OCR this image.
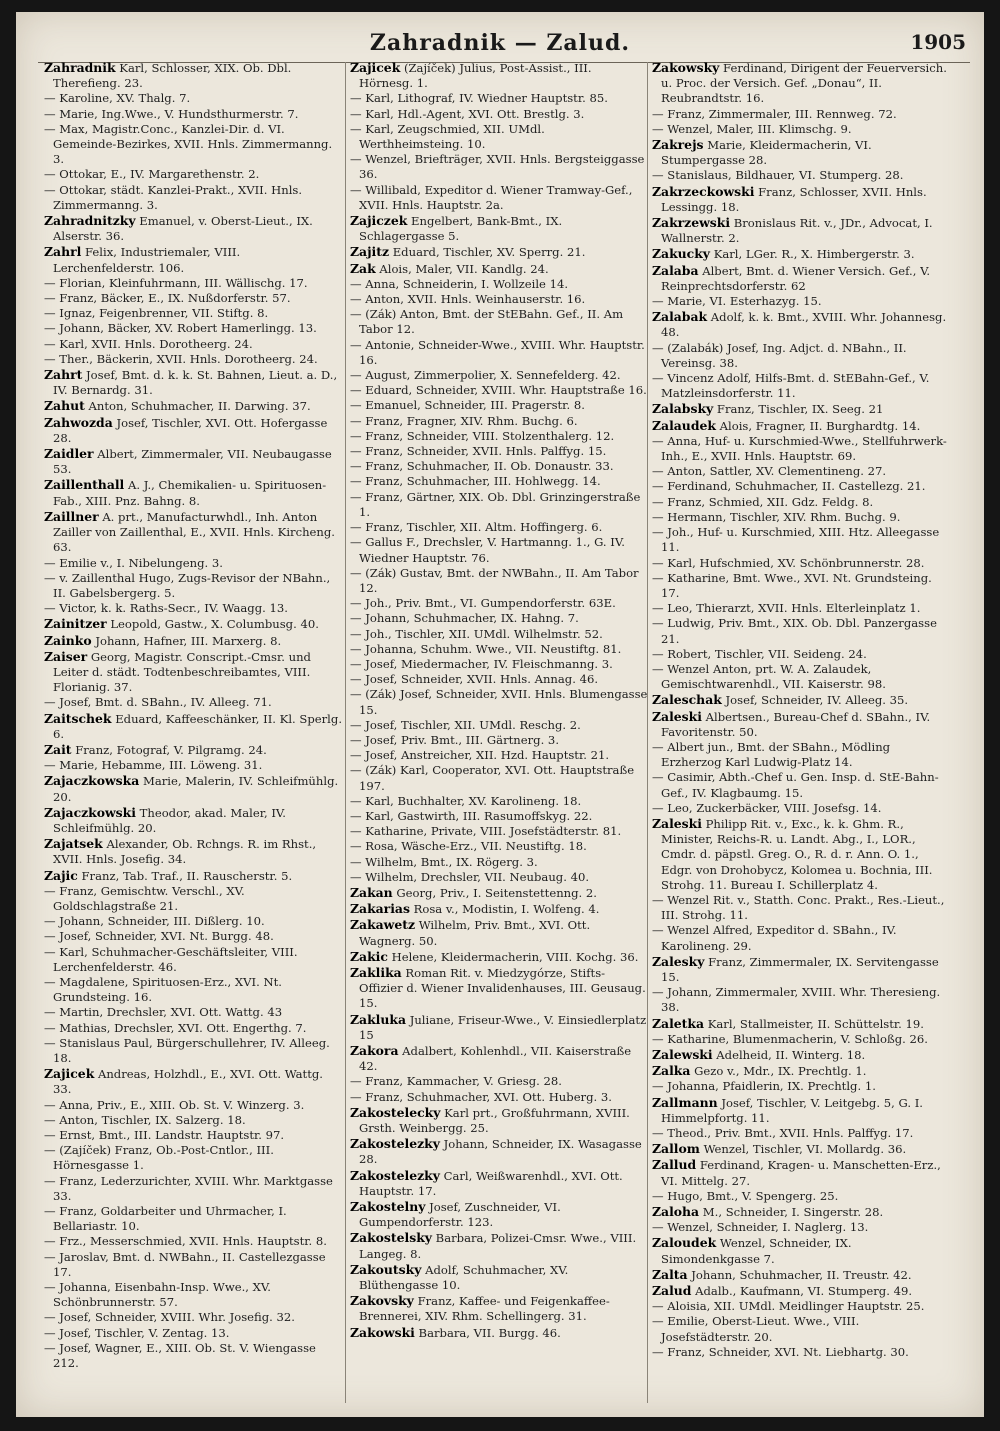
Zahradnik — Zalud.	1905

Zahradnik Karl, Schlosser, XIX. Ob. Dbl. Therefieng. 23.

— Karoline, XV. Thalg. 7.

— Marie, Ing.Wwe., V. Hundsthurmerstr. 7.

— Max, Magistr.Conc., Kanzlei-Dir. d. VI. Gemeinde-Bezirkes, XVII. Hnls. Zimmermanng. 3.

— Ottokar, E., IV. Margarethenstr. 2.

— Ottokar, städt. Kanzlei-Prakt., XVII. Hnls. Zimmermanng. 3.

Zahradnitzky Emanuel, v. Oberst-Lieut., IX. Alserstr. 36.

Zahrl Felix, Industriemaler, VIII. Lerchenfelderstr. 106.

— Florian, Kleinfuhrmann, III. Wällischg. 17.

— Franz, Bäcker, E., IX. Nußdorferstr. 57.

— Ignaz, Feigenbrenner, VII. Stiftg. 8.

— Johann, Bäcker, XV. Robert Hamerlingg. 13.

— Karl, XVII. Hnls. Dorotheerg. 24.

— Ther., Bäckerin, XVII. Hnls. Dorotheerg. 24.

Zahrt Josef, Bmt. d. k. k. St. Bahnen, Lieut. a. D., IV. Bernardg. 31.

Zahut Anton, Schuhmacher, II. Darwing. 37.

Zahwozda Josef, Tischler, XVI. Ott. Hofergasse 28.

Zaidler Albert, Zimmermaler, VII. Neubaugasse 53.

Zaillenthall A. J., Chemikalien- u. Spirituosen-Fab., XIII. Pnz. Bahng. 8.

Zaillner A. prt., Manufacturwhdl., Inh. Anton Zailler von Zaillenthal, E., XVII. Hnls. Kircheng. 63.

— Emilie v., I. Nibelungeng. 3.

— v. Zaillenthal Hugo, Zugs-Revisor der NBahn., II. Gabelsbergerg. 5.

— Victor, k. k. Raths-Secr., IV. Waagg. 13.

Zainitzer Leopold, Gastw., X. Columbusg. 40.

Zainko Johann, Hafner, III. Marxerg. 8.

Zaiser Georg, Magistr. Conscript.-Cmsr. und Leiter d. städt. Todtenbeschreibamtes, VIII. Florianig. 37.

— Josef, Bmt. d. SBahn., IV. Alleeg. 71.

Zaitschek Eduard, Kaffeeschänker, II. Kl. Sperlg. 6.

Zait Franz, Fotograf, V. Pilgramg. 24.

— Marie, Hebamme, III. Löweng. 31.

Zajaczkowska Marie, Malerin, IV. Schleifmühlg. 20.

Zajaczkowski Theodor, akad. Maler, IV. Schleifmühlg. 20.

Zajatsek Alexander, Ob. Rchngs. R. im Rhst., XVII. Hnls. Josefig. 34.

Zajic Franz, Tab. Traf., II. Rauscherstr. 5.

— Franz, Gemischtw. Verschl., XV. Goldschlagstraße 21.

— Johann, Schneider, III. Dißlerg. 10.

— Josef, Schneider, XVI. Nt. Burgg. 48.

— Karl, Schuhmacher-Geschäftsleiter, VIII. Lerchenfelderstr. 46.

— Magdalene, Spirituosen-Erz., XVI. Nt. Grundsteing. 16.

— Martin, Drechsler, XVI. Ott. Wattg. 43

— Mathias, Drechsler, XVI. Ott. Engerthg. 7.

— Stanislaus Paul, Bürgerschullehrer, IV. Alleeg. 18.

Zajicek Andreas, Holzhdl., E., XVI. Ott. Wattg. 33.

— Anna, Priv., E., XIII. Ob. St. V. Winzerg. 3.

— Anton, Tischler, IX. Salzerg. 18.

— Ernst, Bmt., III. Landstr. Hauptstr. 97.

— (Zajíček) Franz, Ob.-Post-Cntlor., III. Hörnesgasse 1.

— Franz, Lederzurichter, XVIII. Whr. Marktgasse 33.

— Franz, Goldarbeiter und Uhrmacher, I. Bellariastr. 10.

— Frz., Messerschmied, XVII. Hnls. Hauptstr. 8.

— Jaroslav, Bmt. d. NWBahn., II. Castellezgasse 17.

— Johanna, Eisenbahn-Insp. Wwe., XV. Schönbrunnerstr. 57.

— Josef, Schneider, XVIII. Whr. Josefig. 32.

— Josef, Tischler, V. Zentag. 13.

— Josef, Wagner, E., XIII. Ob. St. V. Wiengasse 212.

Zajicek (Zajíček) Julius, Post-Assist., III. Hörnesg. 1.

— Karl, Lithograf, IV. Wiedner Hauptstr. 85.

— Karl, Hdl.-Agent, XVI. Ott. Brestlg. 3.

— Karl, Zeugschmied, XII. UMdl. Werthheimsteing. 10.

— Wenzel, Briefträger, XVII. Hnls. Bergsteiggasse 36.

— Willibald, Expeditor d. Wiener Tramway-Gef., XVII. Hnls. Hauptstr. 2a.

Zajiczek Engelbert, Bank-Bmt., IX. Schlagergasse 5.

Zajitz Eduard, Tischler, XV. Sperrg. 21.

Zak Alois, Maler, VII. Kandlg. 24.

— Anna, Schneiderin, I. Wollzeile 14.

— Anton, XVII. Hnls. Weinhauserstr. 16.

— (Zák) Anton, Bmt. der StEBahn. Gef., II. Am Tabor 12.

— Antonie, Schneider-Wwe., XVIII. Whr. Hauptstr. 16.

— August, Zimmerpolier, X. Sennefelderg. 42.

— Eduard, Schneider, XVIII. Whr. Hauptstraße 16.

— Emanuel, Schneider, III. Pragerstr. 8.

— Franz, Fragner, XIV. Rhm. Buchg. 6.

— Franz, Schneider, VIII. Stolzenthalerg. 12.

— Franz, Schneider, XVII. Hnls. Palffyg. 15.

— Franz, Schuhmacher, II. Ob. Donaustr. 33.

— Franz, Schuhmacher, III. Hohlwegg. 14.

— Franz, Gärtner, XIX. Ob. Dbl. Grinzingerstraße 1.

— Franz, Tischler, XII. Altm. Hoffingerg. 6.

— Gallus F., Drechsler, V. Hartmanng. 1., G. IV. Wiedner Hauptstr. 76.

— (Zák) Gustav, Bmt. der NWBahn., II. Am Tabor 12.

— Joh., Priv. Bmt., VI. Gumpendorferstr. 63E.

— Johann, Schuhmacher, IX. Hahng. 7.

— Joh., Tischler, XII. UMdl. Wilhelmstr. 52.

— Johanna, Schuhm. Wwe., VII. Neustiftg. 81.

— Josef, Miedermacher, IV. Fleischmanng. 3.

— Josef, Schneider, XVII. Hnls. Annag. 46.

— (Zák) Josef, Schneider, XVII. Hnls. Blumengasse 15.

— Josef, Tischler, XII. UMdl. Reschg. 2.

— Josef, Priv. Bmt., III. Gärtnerg. 3.

— Josef, Anstreicher, XII. Hzd. Hauptstr. 21.

— (Zák) Karl, Cooperator, XVI. Ott. Hauptstraße 197.

— Karl, Buchhalter, XV. Karolineng. 18.

— Karl, Gastwirth, III. Rasumoffskyg. 22.

— Katharine, Private, VIII. Josefstädterstr. 81.

— Rosa, Wäsche-Erz., VII. Neustiftg. 18.

— Wilhelm, Bmt., IX. Rögerg. 3.

— Wilhelm, Drechsler, VII. Neubaug. 40.

Zakan Georg, Priv., I. Seitenstettenng. 2.

Zakarias Rosa v., Modistin, I. Wolfeng. 4.

Zakawetz Wilhelm, Priv. Bmt., XVI. Ott. Wagnerg. 50.

Zakic Helene, Kleidermacherin, VIII. Kochg. 36.

Zaklika Roman Rit. v. Miedzygórze, Stifts-Offizier d. Wiener Invalidenhauses, III. Geusaug. 15.

Zakluka Juliane, Friseur-Wwe., V. Einsiedlerplatz 15

Zakora Adalbert, Kohlenhdl., VII. Kaiserstraße 42.

— Franz, Kammacher, V. Griesg. 28.

— Franz, Schuhmacher, XVI. Ott. Huberg. 3.

Zakostelecky Karl prt., Großfuhrmann, XVIII. Grsth. Weinbergg. 25.

Zakostelezky Johann, Schneider, IX. Wasagasse 28.

Zakostelezky Carl, Weißwarenhdl., XVI. Ott. Hauptstr. 17.

Zakostelny Josef, Zuschneider, VI. Gumpendorferstr. 123.

Zakostelsky Barbara, Polizei-Cmsr. Wwe., VIII. Langeg. 8.

Zakoutsky Adolf, Schuhmacher, XV. Blüthengasse 10.

Zakovsky Franz, Kaffee- und Feigenkaffee-Brennerei, XIV. Rhm. Schellingerg. 31.

Zakowski Barbara, VII. Burgg. 46.

Zakowsky Ferdinand, Dirigent der Feuerversich. u. Proc. der Versich. Gef. „Donau“, II. Reubrandtstr. 16.

— Franz, Zimmermaler, III. Rennweg. 72.

— Wenzel, Maler, III. Klimschg. 9.

Zakrejs Marie, Kleidermacherin, VI. Stumpergasse 28.

— Stanislaus, Bildhauer, VI. Stumperg. 28.

Zakrzeckowski Franz, Schlosser, XVII. Hnls. Lessingg. 18.

Zakrzewski Bronislaus Rit. v., JDr., Advocat, I. Wallnerstr. 2.

Zakucky Karl, LGer. R., X. Himbergerstr. 3.

Zalaba Albert, Bmt. d. Wiener Versich. Gef., V. Reinprechtsdorferstr. 62

— Marie, VI. Esterhazyg. 15.

Zalabak Adolf, k. k. Bmt., XVIII. Whr. Johannesg. 48.

— (Zalabák) Josef, Ing. Adjct. d. NBahn., II. Vereinsg. 38.

— Vincenz Adolf, Hilfs-Bmt. d. StEBahn-Gef., V. Matzleinsdorferstr. 11.

Zalabsky Franz, Tischler, IX. Seeg. 21

Zalaudek Alois, Fragner, II. Burghardtg. 14.

— Anna, Huf- u. Kurschmied-Wwe., Stellfuhrwerk-Inh., E., XVII. Hnls. Hauptstr. 69.

— Anton, Sattler, XV. Clementineng. 27.

— Ferdinand, Schuhmacher, II. Castellezg. 21.

— Franz, Schmied, XII. Gdz. Feldg. 8.

— Hermann, Tischler, XIV. Rhm. Buchg. 9.

— Joh., Huf- u. Kurschmied, XIII. Htz. Alleegasse 11.

— Karl, Hufschmied, XV. Schönbrunnerstr. 28.

— Katharine, Bmt. Wwe., XVI. Nt. Grundsteing. 17.

— Leo, Thierarzt, XVII. Hnls. Elterleinplatz 1.

— Ludwig, Priv. Bmt., XIX. Ob. Dbl. Panzergasse 21.

— Robert, Tischler, VII. Seideng. 24.

— Wenzel Anton, prt. W. A. Zalaudek, Gemischtwarenhdl., VII. Kaiserstr. 98.

Zaleschak Josef, Schneider, IV. Alleeg. 35.

Zaleski Albertsen., Bureau-Chef d. SBahn., IV. Favoritenstr. 50.

— Albert jun., Bmt. der SBahn., Mödling Erzherzog Karl Ludwig-Platz 14.

— Casimir, Abth.-Chef u. Gen. Insp. d. StE-Bahn-Gef., IV. Klagbaumg. 15.

— Leo, Zuckerbäcker, VIII. Josefsg. 14.

Zaleski Philipp Rit. v., Exc., k. k. Ghm. R., Minister, Reichs-R. u. Landt. Abg., I., LOR., Cmdr. d. päpstl. Greg. O., R. d. r. Ann. O. 1., Edgr. von Drohobycz, Kolomea u. Bochnia, III. Strohg. 11. Bureau I. Schillerplatz 4.

— Wenzel Rit. v., Statth. Conc. Prakt., Res.-Lieut., III. Strohg. 11.

— Wenzel Alfred, Expeditor d. SBahn., IV. Karolineng. 29.

Zalesky Franz, Zimmermaler, IX. Servitengasse 15.

— Johann, Zimmermaler, XVIII. Whr. Theresieng. 38.

Zaletka Karl, Stallmeister, II. Schüttelstr. 19.

— Katharine, Blumenmacherin, V. Schloßg. 26.

Zalewski Adelheid, II. Winterg. 18.

Zalka Gezo v., Mdr., IX. Prechtlg. 1.

— Johanna, Pfaidlerin, IX. Prechtlg. 1.

Zallmann Josef, Tischler, V. Leitgebg. 5, G. I. Himmelpfortg. 11.

— Theod., Priv. Bmt., XVII. Hnls. Palffyg. 17.

Zallom Wenzel, Tischler, VI. Mollardg. 36.

Zallud Ferdinand, Kragen- u. Manschetten-Erz., VI. Mittelg. 27.

— Hugo, Bmt., V. Spengerg. 25.

Zaloha M., Schneider, I. Singerstr. 28.

— Wenzel, Schneider, I. Naglerg. 13.

Zaloudek Wenzel, Schneider, IX. Simondenkgasse 7.

Zalta Johann, Schuhmacher, II. Treustr. 42.

Zalud Adalb., Kaufmann, VI. Stumperg. 49.

— Aloisia, XII. UMdl. Meidlinger Hauptstr. 25.

— Emilie, Oberst-Lieut. Wwe., VIII. Josefstädterstr. 20.

— Franz, Schneider, XVI. Nt. Liebhartg. 30.
